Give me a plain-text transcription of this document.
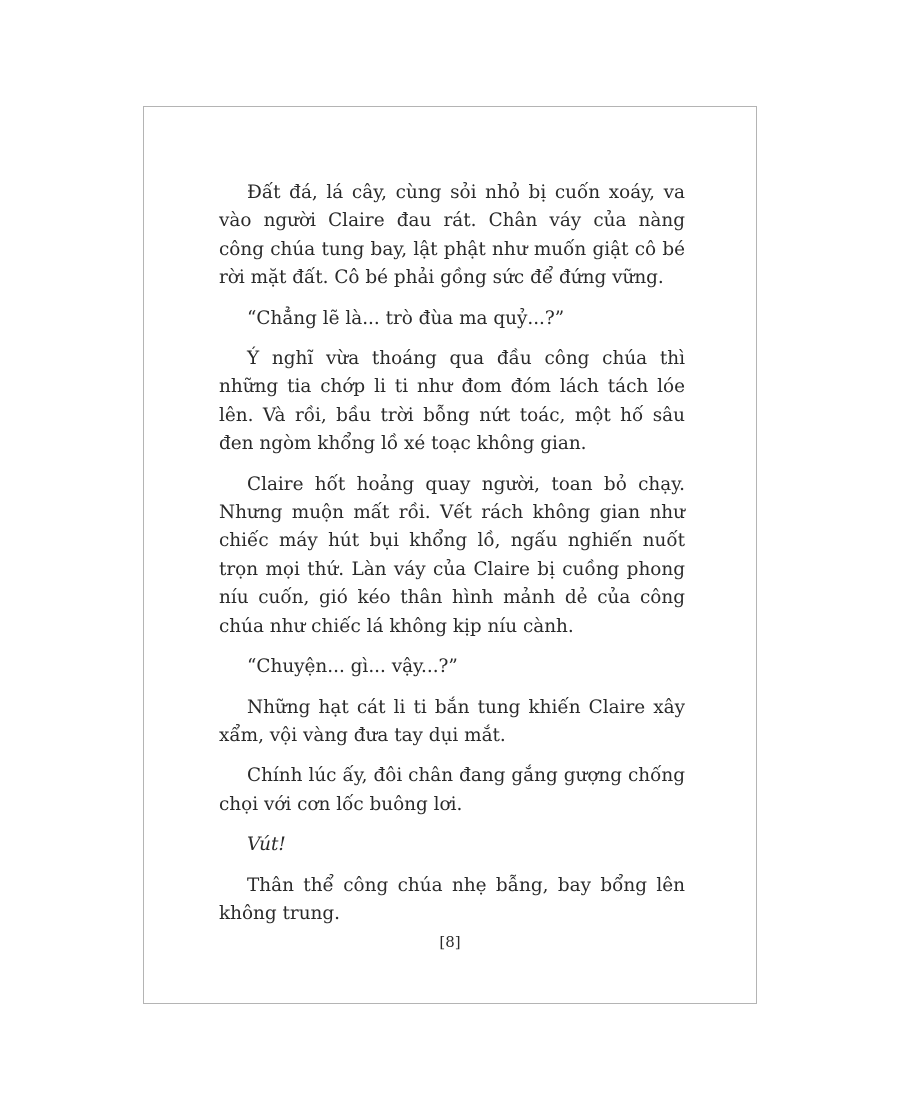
Đất đá, lá cây, cùng sỏi nhỏ bị cuốn xoáy, va vào người Claire đau rát. Chân váy của nàng công chúa tung bay, lật phật như muốn giật cô bé rời mặt đất. Cô bé phải gồng sức để đứng vững.

“Chẳng lẽ là... trò đùa ma quỷ...?”

Ý nghĩ vừa thoáng qua đầu công chúa thì những tia chớp li ti như đom đóm lách tách lóe lên. Và rồi, bầu trời bỗng nứt toác, một hố sâu đen ngòm khổng lồ xé toạc không gian.

Claire hốt hoảng quay người, toan bỏ chạy. Nhưng muộn mất rồi. Vết rách không gian như chiếc máy hút bụi khổng lồ, ngấu nghiến nuốt trọn mọi thứ. Làn váy của Claire bị cuồng phong níu cuốn, gió kéo thân hình mảnh dẻ của công chúa như chiếc lá không kịp níu cành.

“Chuyện... gì... vậy...?”

Những hạt cát li ti bắn tung khiến Claire xây xẩm, vội vàng đưa tay dụi mắt.

Chính lúc ấy, đôi chân đang gắng gượng chống chọi với cơn lốc buông lơi.

Vút!

Thân thể công chúa nhẹ bẫng, bay bổng lên không trung.

[8]
